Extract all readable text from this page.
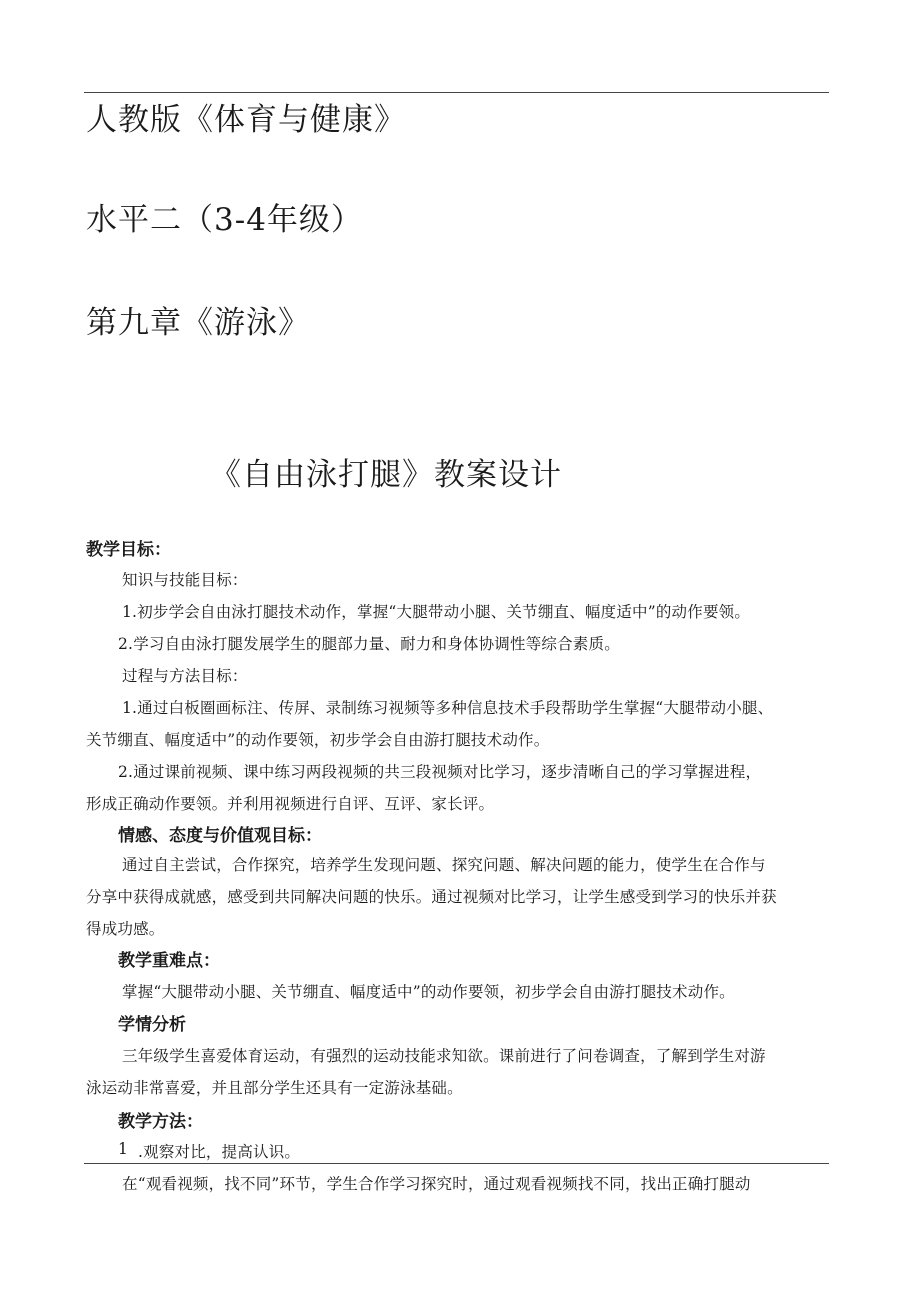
人教版《体育与健康》
水平二（3-4年级）
第九章《游泳》
《自由泳打腿》教案设计
教学目标：
知识与技能目标：
1.初步学会自由泳打腿技术动作，掌握“大腿带动小腿、关节绷直、幅度适中”的动作要领。
2.学习自由泳打腿发展学生的腿部力量、耐力和身体协调性等综合素质。
过程与方法目标：
1.通过白板圈画标注、传屏、录制练习视频等多种信息技术手段帮助学生掌握“大腿带动小腿、
关节绷直、幅度适中”的动作要领，初步学会自由游打腿技术动作。
2.通过课前视频、课中练习两段视频的共三段视频对比学习，逐步清晰自己的学习掌握进程，
形成正确动作要领。并利用视频进行自评、互评、家长评。
情感、态度与价值观目标：
通过自主尝试，合作探究，培养学生发现问题、探究问题、解决问题的能力，使学生在合作与
分享中获得成就感，感受到共同解决问题的快乐。通过视频对比学习，让学生感受到学习的快乐并获
得成功感。
教学重难点：
掌握“大腿带动小腿、关节绷直、幅度适中”的动作要领，初步学会自由游打腿技术动作。
学情分析
三年级学生喜爱体育运动，有强烈的运动技能求知欲。课前进行了问卷调查，了解到学生对游
泳运动非常喜爱，并且部分学生还具有一定游泳基础。
教学方法：
1 .观察对比，提高认识。
在“观看视频，找不同”环节，学生合作学习探究时，通过观看视频找不同，找出正确打腿动
